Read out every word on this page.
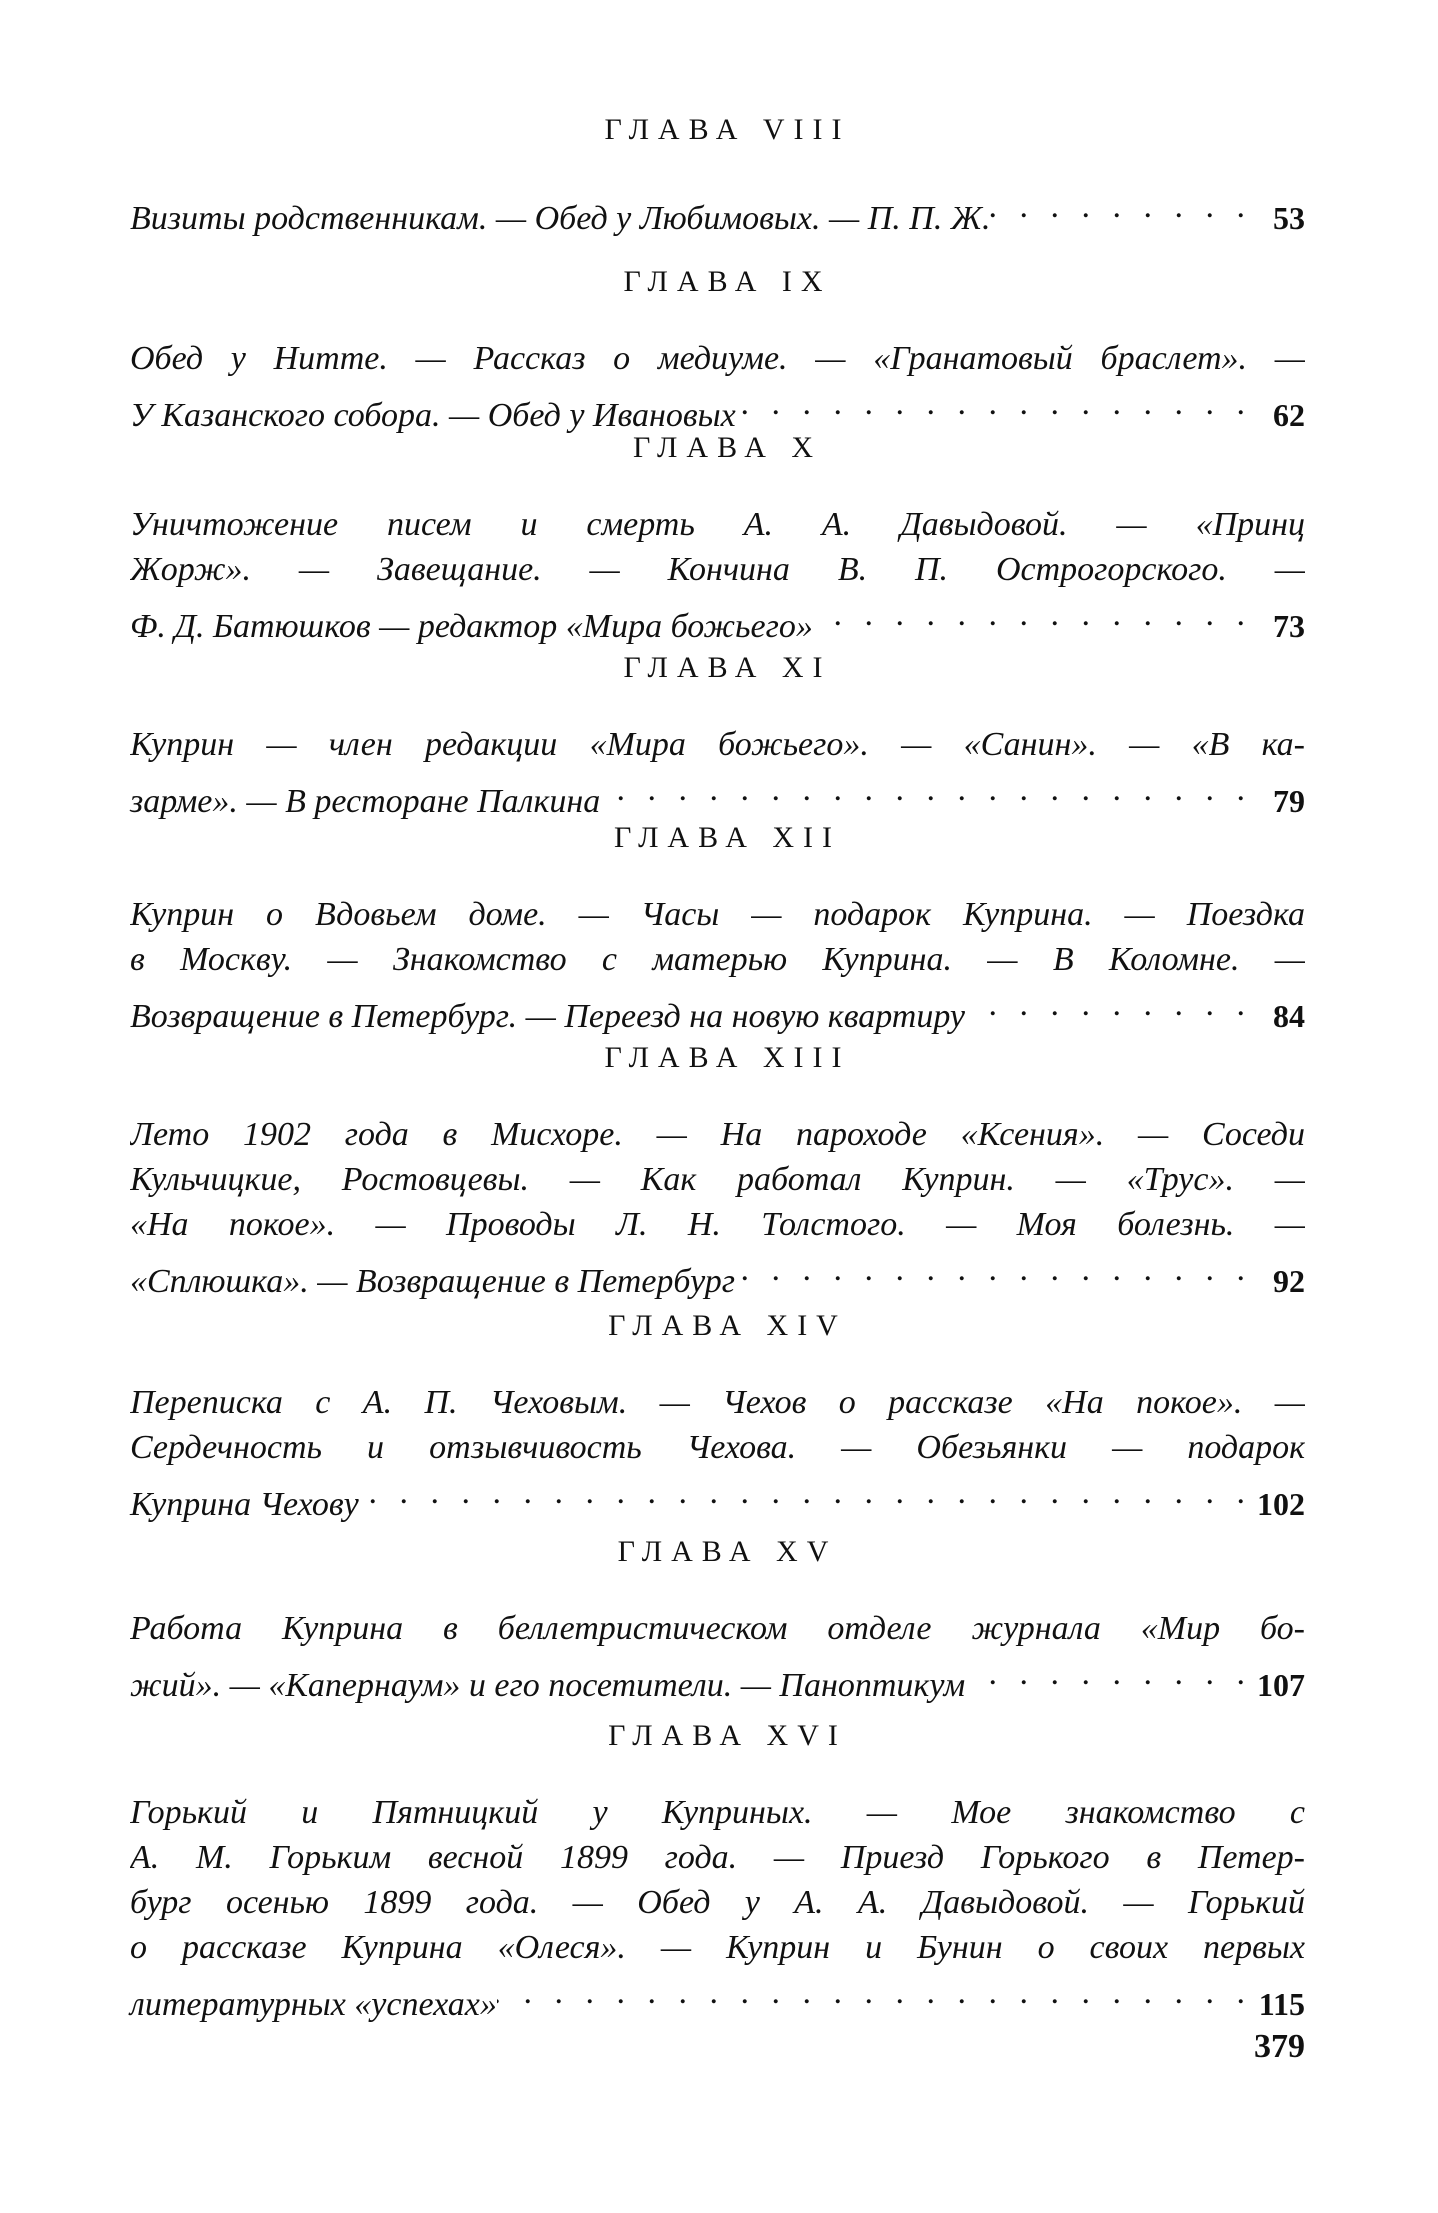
ГЛАВА VIII
Визиты родственникам. — Обед у Любимовых. — П. П. Ж. . . .	53
ГЛАВА IX
Обед у Нитте. — Рассказ о медиуме. — «Гранатовый браслет». —
У Казанского собора. — Обед у Ивановых . . .	62
ГЛАВА X
Уничтожение писем и смерть А. А. Давыдовой. — «Принц
Жорж». — Завещание. — Кончина В. П. Острогорского. —
Ф. Д. Батюшков — редактор «Мира божьего» . . .	73
ГЛАВА XI
Куприн — член редакции «Мира божьего». — «Санин». — «В ка-
зарме». — В ресторане Палкина . . .	79
ГЛАВА XII
Куприн о Вдовьем доме. — Часы — подарок Куприна. — Поездка
в Москву. — Знакомство с матерью Куприна. — В Коломне. —
Возвращение в Петербург. — Переезд на новую квартиру . . .	84
ГЛАВА XIII
Лето 1902 года в Мисхоре. — На пароходе «Ксения». — Соседи
Кульчицкие, Ростовцевы. — Как работал Куприн. — «Трус». —
«На покое». — Проводы Л. Н. Толстого. — Моя болезнь. —
«Сплюшка». — Возвращение в Петербург . . .	92
ГЛАВА XIV
Переписка с А. П. Чеховым. — Чехов о рассказе «На покое». —
Сердечность и отзывчивость Чехова. — Обезьянки — подарок
Куприна Чехову . . .	102
ГЛАВА XV
Работа Куприна в беллетристическом отделе журнала «Мир бо-
жий». — «Капернаум» и его посетители. — Паноптикум . . .	107
ГЛАВА XVI
Горький и Пятницкий у Куприных. — Мое знакомство с
А. М. Горьким весной 1899 года. — Приезд Горького в Петер-
бург осенью 1899 года. — Обед у А. А. Давыдовой. — Горький
о рассказе Куприна «Олеся». — Куприн и Бунин о своих первых
литературных «успехах» . . .	115
379
